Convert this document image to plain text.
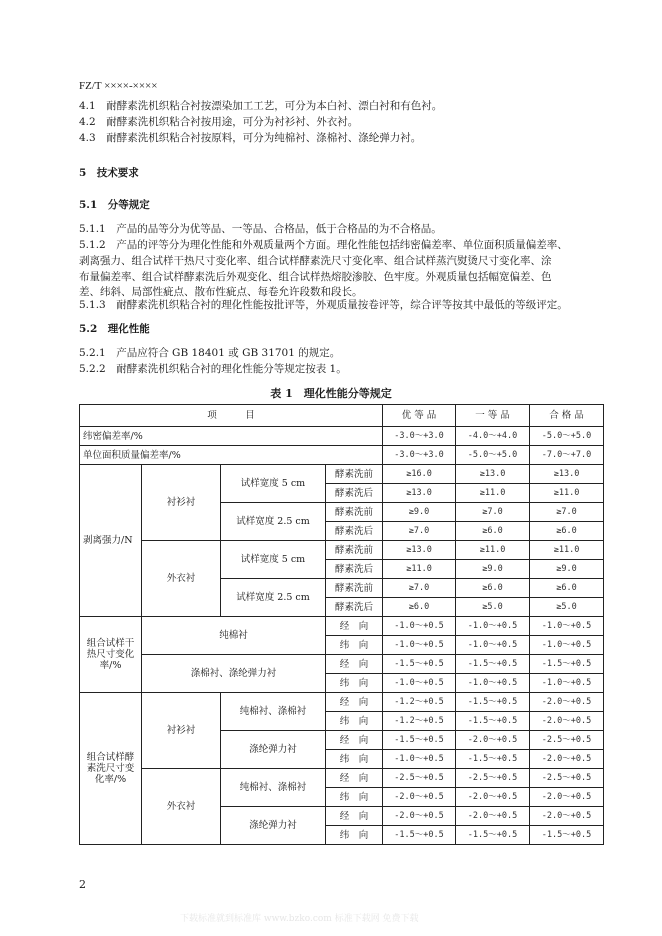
FZ/T ××××-××××
4.1　耐酵素洗机织粘合衬按漂染加工工艺，可分为本白衬、漂白衬和有色衬。
4.2　耐酵素洗机织粘合衬按用途，可分为衬衫衬、外衣衬。
4.3　耐酵素洗机织粘合衬按原料，可分为纯棉衬、涤棉衬、涤纶弹力衬。
5　技术要求
5.1　分等规定
5.1.1　产品的品等分为优等品、一等品、合格品，低于合格品的为不合格品。
5.1.2　产品的评等分为理化性能和外观质量两个方面。理化性能包括纬密偏差率、单位面积质量偏差率、
剥离强力、组合试样干热尺寸变化率、组合试样酵素洗尺寸变化率、组合试样蒸汽熨烫尺寸变化率、涂
布量偏差率、组合试样酵素洗后外观变化、组合试样热熔胶渗胶、色牢度。外观质量包括幅宽偏差、色
差、纬斜、局部性疵点、散布性疵点、每卷允许段数和段长。
5.1.3　耐酵素洗机织粘合衬的理化性能按批评等，外观质量按卷评等，综合评等按其中最低的等级评定。
5.2　理化性能
5.2.1　产品应符合 GB 18401 或 GB 31701 的规定。
5.2.2　耐酵素洗机织粘合衬的理化性能分等规定按表 1。
表 1　理化性能分等规定
项　　　目				优 等 品	一 等 品	合 格 品
纬密偏差率/%				-3.0～+3.0	-4.0～+4.0	-5.0～+5.0
单位面积质量偏差率/%				-3.0～+3.0	-5.0～+5.0	-7.0～+7.0
剥离强力/N	衬衫衬	试样宽度 5 cm	酵素洗前	≥16.0	≥13.0	≥13.0
			酵素洗后	≥13.0	≥11.0	≥11.0
		试样宽度 2.5 cm	酵素洗前	≥9.0	≥7.0	≥7.0
			酵素洗后	≥7.0	≥6.0	≥6.0
	外衣衬	试样宽度 5 cm	酵素洗前	≥13.0	≥11.0	≥11.0
			酵素洗后	≥11.0	≥9.0	≥9.0
		试样宽度 2.5 cm	酵素洗前	≥7.0	≥6.0	≥6.0
			酵素洗后	≥6.0	≥5.0	≥5.0
组合试样干热尺寸变化率/%	纯棉衬		经　向	-1.0～+0.5	-1.0～+0.5	-1.0～+0.5
			纬　向	-1.0～+0.5	-1.0～+0.5	-1.0～+0.5
	涤棉衬、涤纶弹力衬		经　向	-1.5～+0.5	-1.5～+0.5	-1.5～+0.5
			纬　向	-1.0～+0.5	-1.0～+0.5	-1.0～+0.5
组合试样酵素洗尺寸变化率/%	衬衫衬	纯棉衬、涤棉衬	经　向	-1.2～+0.5	-1.5～+0.5	-2.0～+0.5
			纬　向	-1.2～+0.5	-1.5～+0.5	-2.0～+0.5
		涤纶弹力衬	经　向	-1.5～+0.5	-2.0～+0.5	-2.5～+0.5
			纬　向	-1.0～+0.5	-1.5～+0.5	-2.0～+0.5
	外衣衬	纯棉衬、涤棉衬	经　向	-2.5～+0.5	-2.5～+0.5	-2.5～+0.5
			纬　向	-2.0～+0.5	-2.0～+0.5	-2.0～+0.5
		涤纶弹力衬	经　向	-2.0～+0.5	-2.0～+0.5	-2.0～+0.5
			纬　向	-1.5～+0.5	-1.5～+0.5	-1.5～+0.5
2
下载标准就到标准库 www.bzko.com 标准下载网 免费下载
